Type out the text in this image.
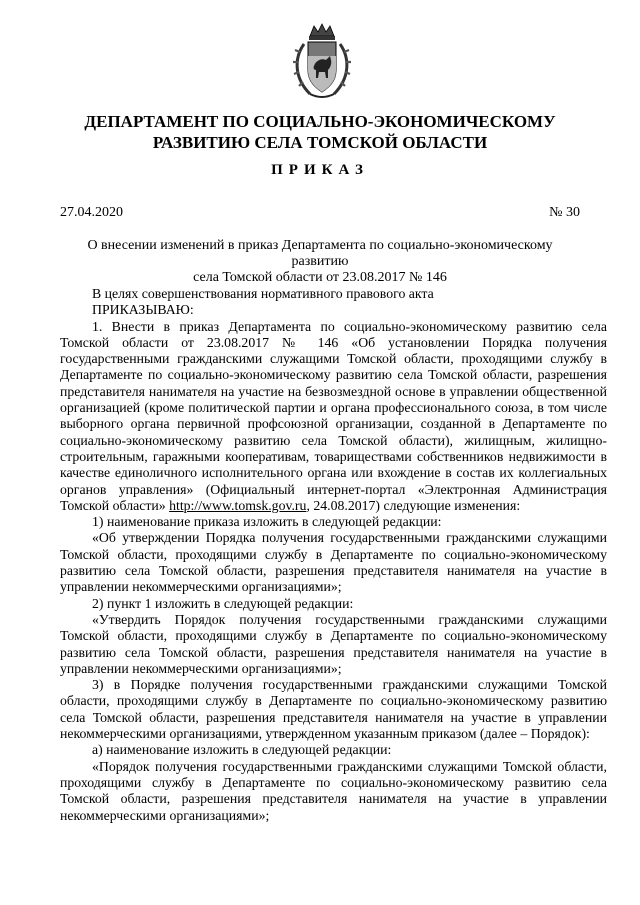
ДЕПАРТАМЕНТ ПО СОЦИАЛЬНО-ЭКОНОМИЧЕСКОМУ
РАЗВИТИЮ СЕЛА ТОМСКОЙ ОБЛАСТИ
ПРИКАЗ
27.04.2020	№ 30
О внесении изменений в приказ Департамента по социально-экономическому развитию
села Томской области от 23.08.2017 № 146

В целях совершенствования нормативного правового акта

ПРИКАЗЫВАЮ:

1. Внести в приказ Департамента по социально-экономическому развитию села Томской области от 23.08.2017 № 146 «Об установлении Порядка получения государственными гражданскими служащими Томской области, проходящими службу в Департаменте по социально-экономическому развитию села Томской области, разрешения представителя нанимателя на участие на безвозмездной основе в управлении общественной организацией (кроме политической партии и органа профессионального союза, в том числе выборного органа первичной профсоюзной организации, созданной в Департаменте по социально-экономическому развитию села Томской области), жилищным, жилищно-строительным, гаражными кооперативам, товариществами собственников недвижимости в качестве единоличного исполнительного органа или вхождение в состав их коллегиальных органов управления» (Официальный интернет-портал «Электронная Администрация Томской области» http://www.tomsk.gov.ru, 24.08.2017) следующие изменения:

1) наименование приказа изложить в следующей редакции:

«Об утверждении Порядка получения государственными гражданскими служащими Томской области, проходящими службу в Департаменте по социально-экономическому развитию села Томской области, разрешения представителя нанимателя на участие в управлении некоммерческими организациями»;

2) пункт 1 изложить в следующей редакции:

«Утвердить Порядок получения государственными гражданскими служащими Томской области, проходящими службу в Департаменте по социально-экономическому развитию села Томской области, разрешения представителя нанимателя на участие в управлении некоммерческими организациями»;

3) в Порядке получения государственными гражданскими служащими Томской области, проходящими службу в Департаменте по социально-экономическому развитию села Томской области, разрешения представителя нанимателя на участие в управлении некоммерческими организациями, утвержденном указанным приказом (далее – Порядок):

а) наименование изложить в следующей редакции:

«Порядок получения государственными гражданскими служащими Томской области, проходящими службу в Департаменте по социально-экономическому развитию села Томской области, разрешения представителя нанимателя на участие в управлении некоммерческими организациями»;
